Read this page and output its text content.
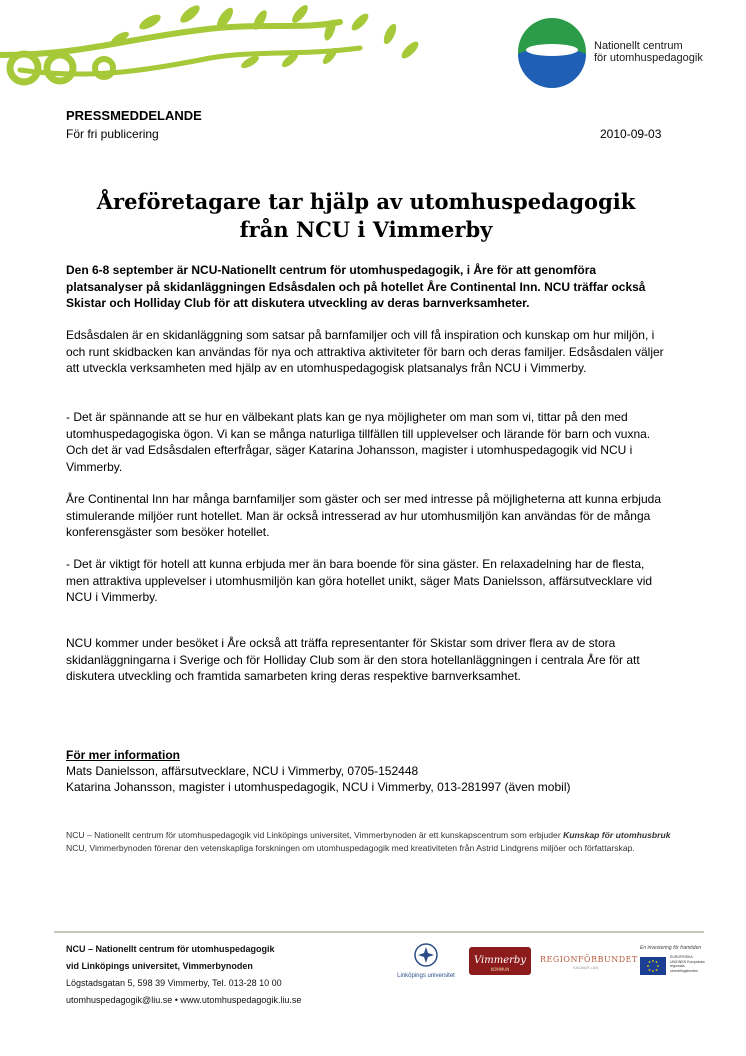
Nationellt centrum
för utomhuspedagogik
PRESSMEDDELANDE
För fri publicering	2010-09-03
Åreföretagare tar hjälp av utomhuspedagogik
från NCU i Vimmerby
Den 6-8 september är NCU-Nationellt centrum för utomhuspedagogik, i Åre för att genomföra platsanalyser på skidanläggningen Edsåsdalen och på hotellet Åre Continental Inn. NCU träffar också Skistar och Holliday Club för att diskutera utveckling av deras barnverksamheter.
Edsåsdalen är en skidanläggning som satsar på barnfamiljer och vill få inspiration och kunskap om hur miljön, i och runt skidbacken kan användas för nya och attraktiva aktiviteter för barn och deras familjer. Edsåsdalen väljer att utveckla verksamheten med hjälp av en utomhuspedagogisk platsanalys från NCU i Vimmerby.
- Det är spännande att se hur en välbekant plats kan ge nya möjligheter om man som vi, tittar på den med utomhuspedagogiska ögon. Vi kan se många naturliga tillfällen till upplevelser och lärande för barn och vuxna. Och det är vad Edsåsdalen efterfrågar, säger Katarina Johansson, magister i utomhuspedagogik vid NCU i Vimmerby.
Åre Continental Inn har många barnfamiljer som gäster och ser med intresse på möjligheterna att kunna erbjuda stimulerande miljöer runt hotellet. Man är också intresserad av hur utomhusmiljön kan användas för de många konferensgäster som besöker hotellet.
- Det är viktigt för hotell att kunna erbjuda mer än bara boende för sina gäster. En relaxadelning har de flesta, men attraktiva upplevelser i utomhusmiljön kan göra hotellet unikt, säger Mats Danielsson, affärsutvecklare vid NCU i Vimmerby.
NCU kommer under besöket i Åre också att träffa representanter för Skistar som driver flera av de stora skidanläggningarna i Sverige och för Holliday Club som är den stora hotellanläggningen i centrala Åre för att diskutera utveckling och framtida samarbeten kring deras respektive barnverksamhet.
För mer information
Mats Danielsson, affärsutvecklare, NCU i Vimmerby, 0705-152448
Katarina Johansson, magister i utomhuspedagogik, NCU i Vimmerby, 013-281997 (även mobil)
NCU – Nationellt centrum för utomhuspedagogik vid Linköpings universitet, Vimmerbynoden är ett kunskapscentrum som erbjuder Kunskap för utomhusbruk NCU, Vimmerbynoden förenar den vetenskapliga forskningen om utomhuspedagogik med kreativiteten från Astrid Lindgrens miljöer och författarskap.
NCU – Nationellt centrum för utomhuspedagogik
vid Linköpings universitet, Vimmerbynoden
Lögstadsgatan 5, 598 39 Vimmerby, Tel. 013-28 10 00
utomhuspedagogik@liu.se • www.utomhuspedagogik.liu.se
Linköpings universitet
Vimmerby
KOMMUN
REGIONFÖRBUNDET
KALMAR LÄN
En investering för framtiden
EUROPEISKA UNIONEN Europeiska regionala utvecklingsfonden
